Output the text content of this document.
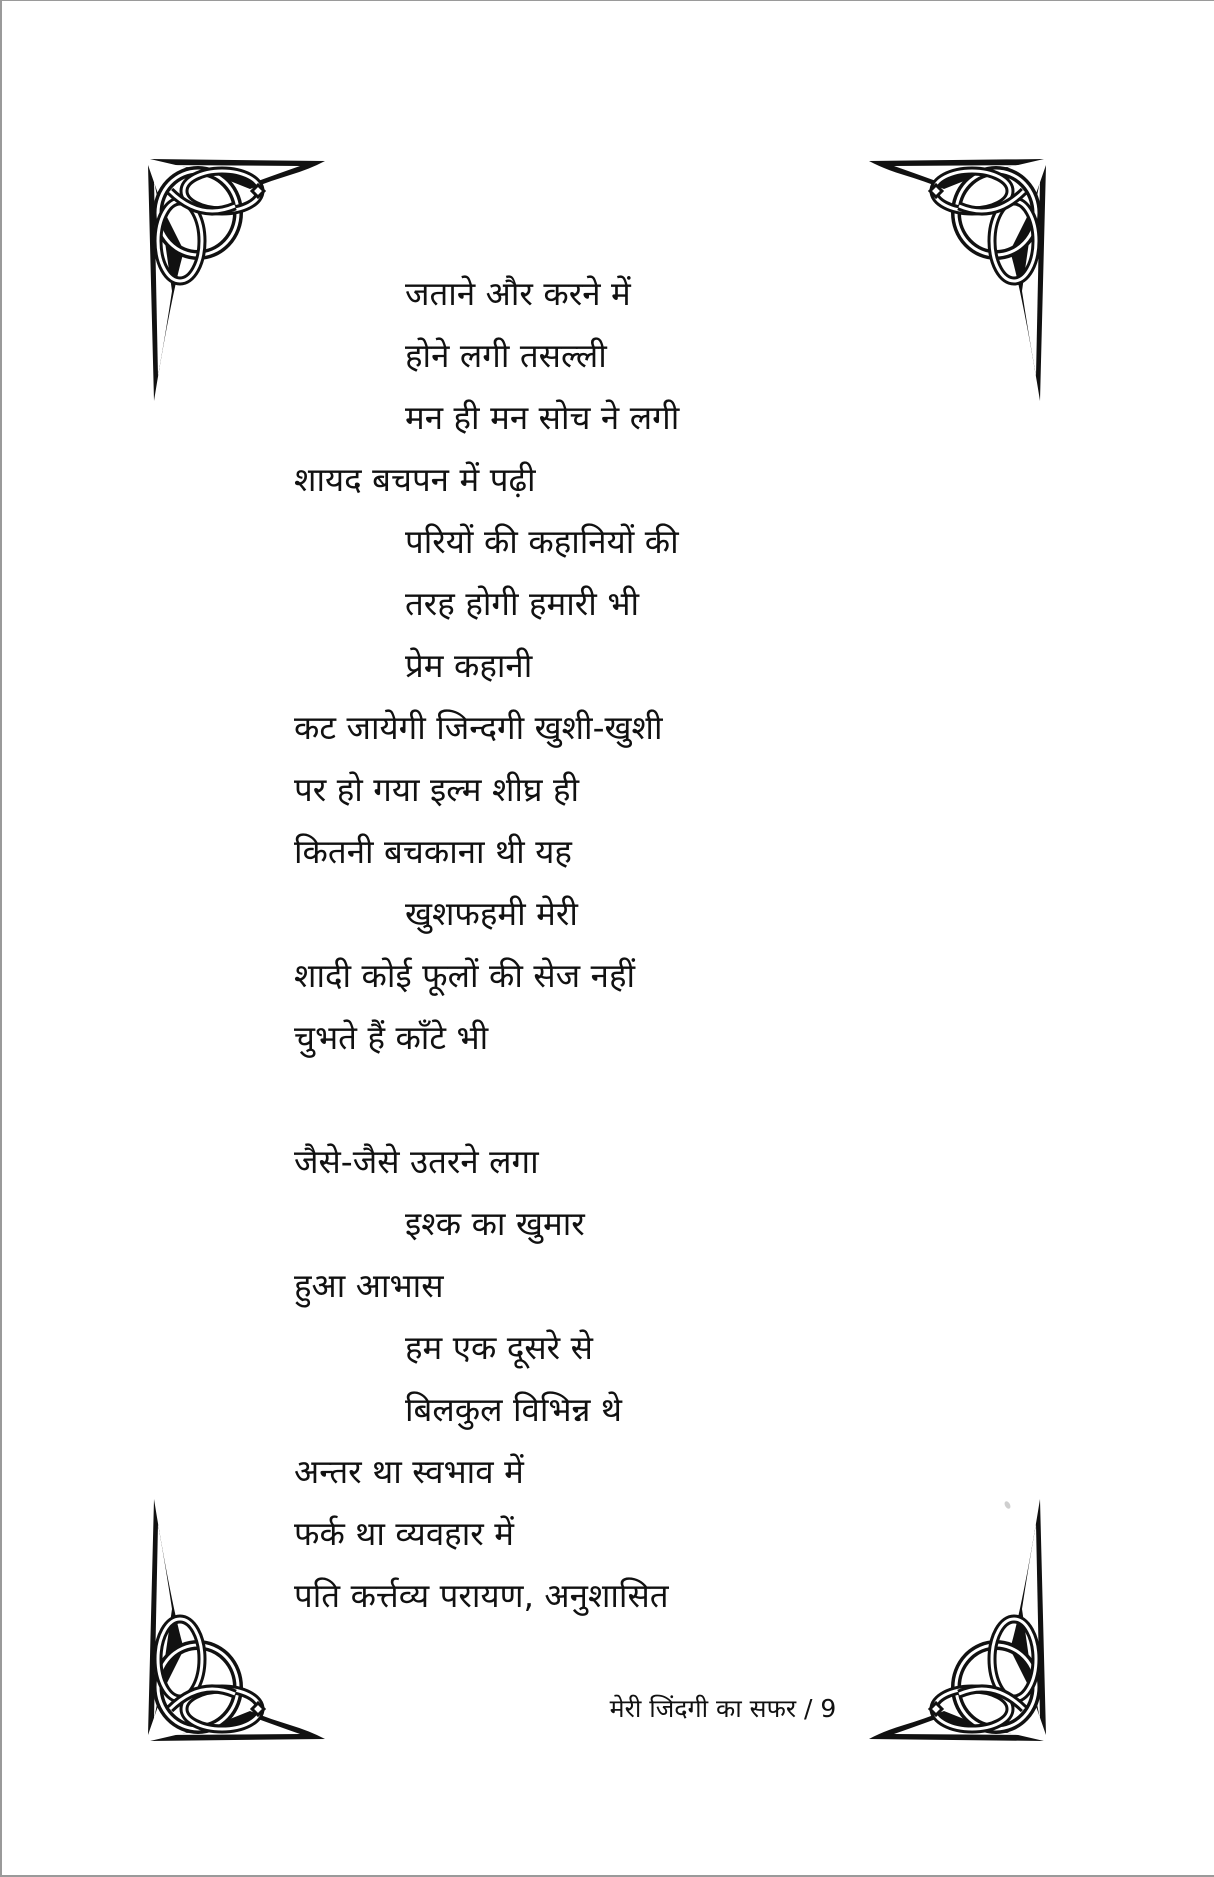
जताने और करने में
होने लगी तसल्ली
मन ही मन सोच ने लगी
शायद बचपन में पढ़ी
परियों की कहानियों की
तरह होगी हमारी भी
प्रेम कहानी
कट जायेगी जिन्दगी खुशी-खुशी
पर हो गया इल्म शीघ्र ही
कितनी बचकाना थी यह
खुशफहमी मेरी
शादी कोई फूलों की सेज नहीं
चुभते हैं काँटे भी
जैसे-जैसे उतरने लगा
इश्क का खुमार
हुआ आभास
हम एक दूसरे से
बिलकुल विभिन्न थे
अन्तर था स्वभाव में
फर्क था व्यवहार में
पति कर्त्तव्य परायण, अनुशासित
मेरी जिंदगी का सफर / 9
